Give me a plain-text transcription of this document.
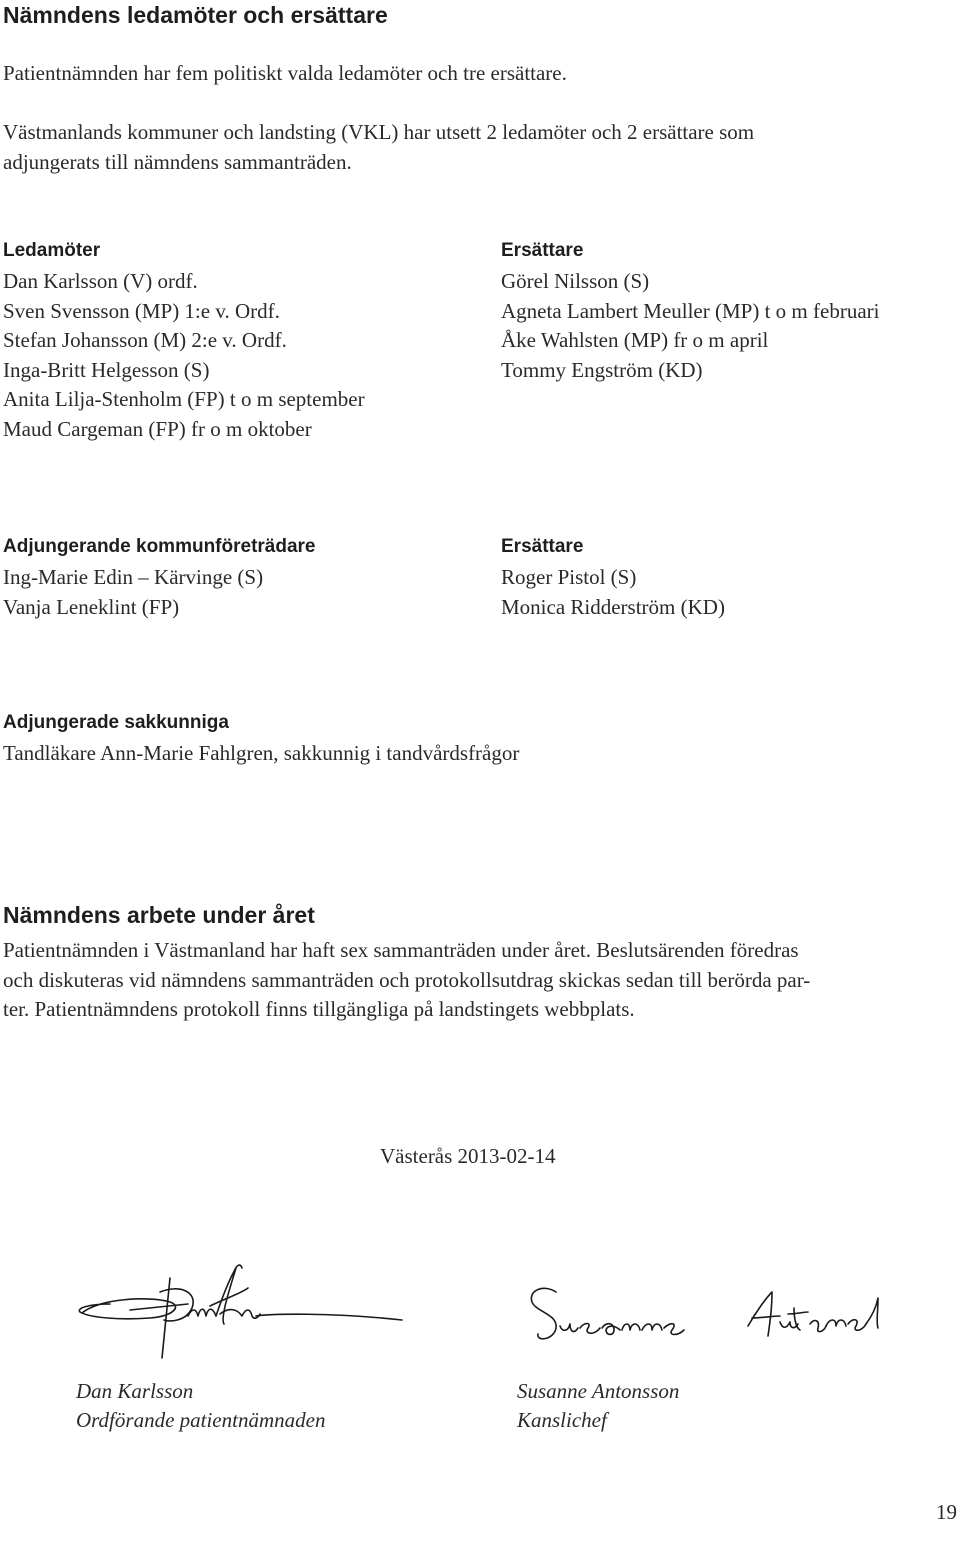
Nämndens ledamöter och ersättare
Patientnämnden har fem politiskt valda ledamöter och tre ersättare.
Västmanlands kommuner och landsting (VKL) har utsett 2 ledamöter och 2 ersättare som
adjungerats till nämndens sammanträden.
Ledamöter
Dan Karlsson (V) ordf.
Sven Svensson (MP) 1:e v. Ordf.
Stefan Johansson (M) 2:e v. Ordf.
Inga-Britt Helgesson (S)
Anita Lilja-Stenholm (FP) t o m september
Maud Cargeman (FP) fr o m oktober
Ersättare
Görel Nilsson (S)
Agneta Lambert Meuller (MP) t o m februari
Åke Wahlsten (MP) fr o m april
Tommy Engström (KD)
Adjungerande kommunföreträdare
Ing-Marie Edin – Kärvinge (S)
Vanja Leneklint (FP)
Ersättare
Roger Pistol (S)
Monica Ridderström (KD)
Adjungerade sakkunniga
Tandläkare Ann-Marie Fahlgren, sakkunnig i tandvårdsfrågor
Nämndens arbete under året
Patientnämnden i Västmanland har haft sex sammanträden under året. Beslutsärenden föredras
och diskuteras vid nämndens sammanträden och protokollsutdrag skickas sedan till berörda par-
ter. Patientnämndens protokoll finns tillgängliga på landstingets webbplats.
Västerås 2013-02-14
Dan Karlsson
Ordförande patientnämnaden
Susanne Antonsson
Kanslichef
19
